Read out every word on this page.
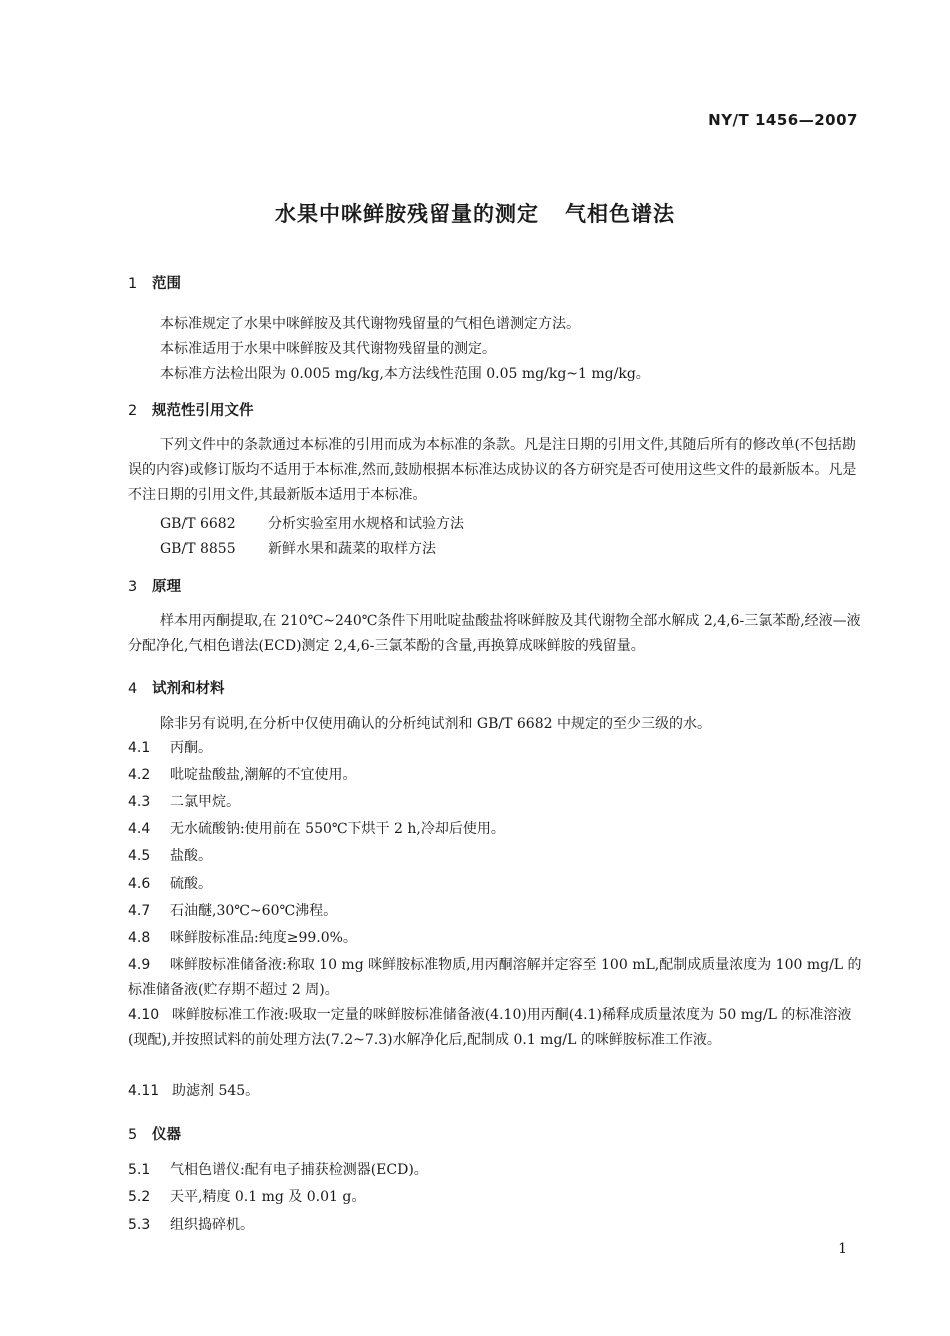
NY/T 1456—2007
水果中咪鲜胺残留量的测定 气相色谱法
1 范围
本标准规定了水果中咪鲜胺及其代谢物残留量的气相色谱测定方法。
本标准适用于水果中咪鲜胺及其代谢物残留量的测定。
本标准方法检出限为 0.005 mg/kg,本方法线性范围 0.05 mg/kg~1 mg/kg。
2 规范性引用文件
下列文件中的条款通过本标准的引用而成为本标准的条款。凡是注日期的引用文件,其随后所有的修改单(不包括勘误的内容)或修订版均不适用于本标准,然而,鼓励根据本标准达成协议的各方研究是否可使用这些文件的最新版本。凡是不注日期的引用文件,其最新版本适用于本标准。
GB/T 6682 分析实验室用水规格和试验方法
GB/T 8855 新鲜水果和蔬菜的取样方法
3 原理
样本用丙酮提取,在 210℃~240℃条件下用吡啶盐酸盐将咪鲜胺及其代谢物全部水解成 2,4,6-三氯苯酚,经液—液分配净化,气相色谱法(ECD)测定 2,4,6-三氯苯酚的含量,再换算成咪鲜胺的残留量。
4 试剂和材料
除非另有说明,在分析中仅使用确认的分析纯试剂和 GB/T 6682 中规定的至少三级的水。
4.1 丙酮。
4.2 吡啶盐酸盐,潮解的不宜使用。
4.3 二氯甲烷。
4.4 无水硫酸钠:使用前在 550℃下烘干 2 h,冷却后使用。
4.5 盐酸。
4.6 硫酸。
4.7 石油醚,30℃~60℃沸程。
4.8 咪鲜胺标准品:纯度≥99.0%。
4.9 咪鲜胺标准储备液:称取 10 mg 咪鲜胺标准物质,用丙酮溶解并定容至 100 mL,配制成质量浓度为 100 mg/L 的标准储备液(贮存期不超过 2 周)。
4.10 咪鲜胺标准工作液:吸取一定量的咪鲜胺标准储备液(4.10)用丙酮(4.1)稀释成质量浓度为 50 mg/L 的标准溶液(现配),并按照试料的前处理方法(7.2~7.3)水解净化后,配制成 0.1 mg/L 的咪鲜胺标准工作液。
4.11 助滤剂 545。
5 仪器
5.1 气相色谱仪:配有电子捕获检测器(ECD)。
5.2 天平,精度 0.1 mg 及 0.01 g。
5.3 组织捣碎机。
1
